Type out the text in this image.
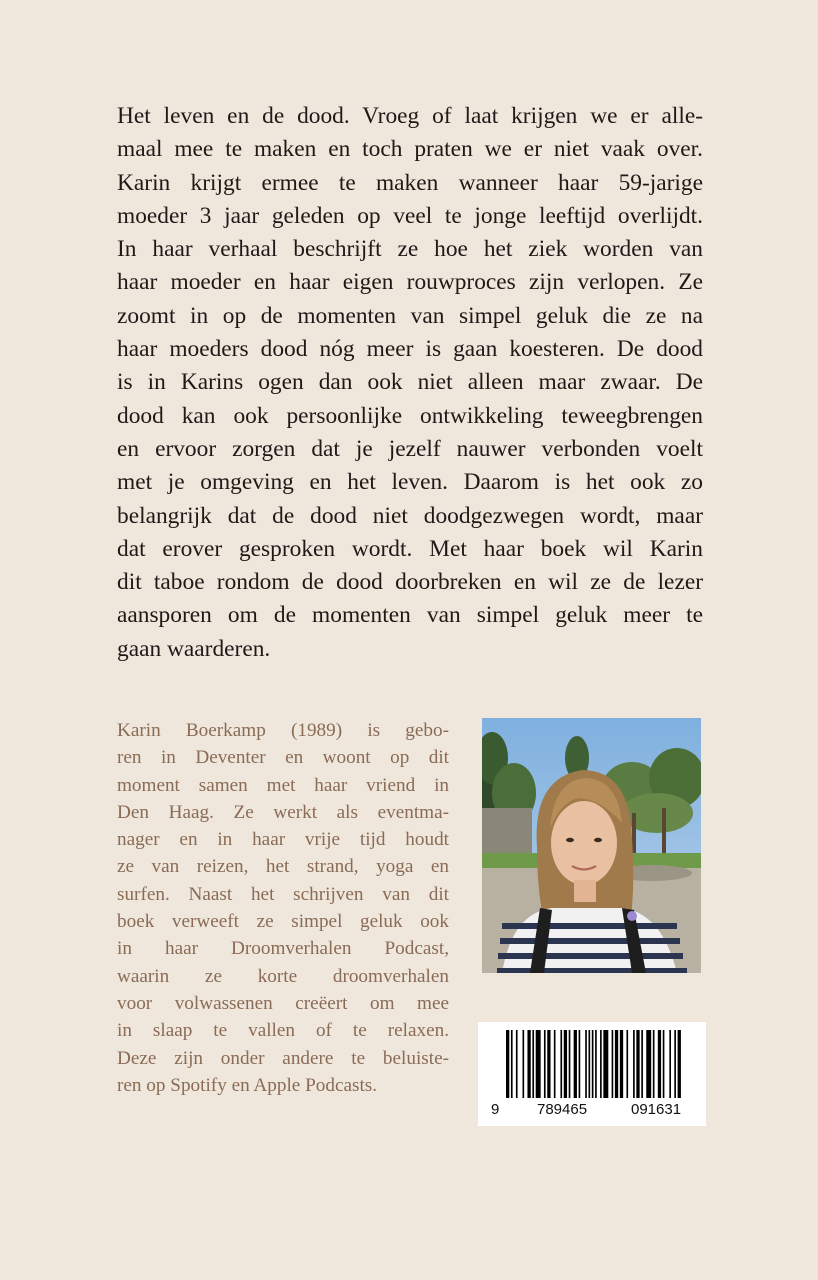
Het leven en de dood. Vroeg of laat krijgen we er alle-
maal mee te maken en toch praten we er niet vaak over.
Karin krijgt ermee te maken wanneer haar 59-jarige
moeder 3 jaar geleden op veel te jonge leeftijd overlijdt.
In haar verhaal beschrijft ze hoe het ziek worden van
haar moeder en haar eigen rouwproces zijn verlopen. Ze
zoomt in op de momenten van simpel geluk die ze na
haar moeders dood nóg meer is gaan koesteren. De dood
is in Karins ogen dan ook niet alleen maar zwaar. De
dood kan ook persoonlijke ontwikkeling teweegbrengen
en ervoor zorgen dat je jezelf nauwer verbonden voelt
met je omgeving en het leven. Daarom is het ook zo
belangrijk dat de dood niet doodgezwegen wordt, maar
dat erover gesproken wordt. Met haar boek wil Karin
dit taboe rondom de dood doorbreken en wil ze de lezer
aansporen om de momenten van simpel geluk meer te
gaan waarderen.
Karin Boerkamp (1989) is gebo-
ren in Deventer en woont op dit
moment samen met haar vriend in
Den Haag. Ze werkt als eventma-
nager en in haar vrije tijd houdt
ze van reizen, het strand, yoga en
surfen. Naast het schrijven van dit
boek verweeft ze simpel geluk ook
in haar Droomverhalen Podcast,
waarin ze korte droomverhalen
voor volwassenen creëert om mee
in slaap te vallen of te relaxen.
Deze zijn onder andere te beluiste-
ren op Spotify en Apple Podcasts.
9	789465	091631
